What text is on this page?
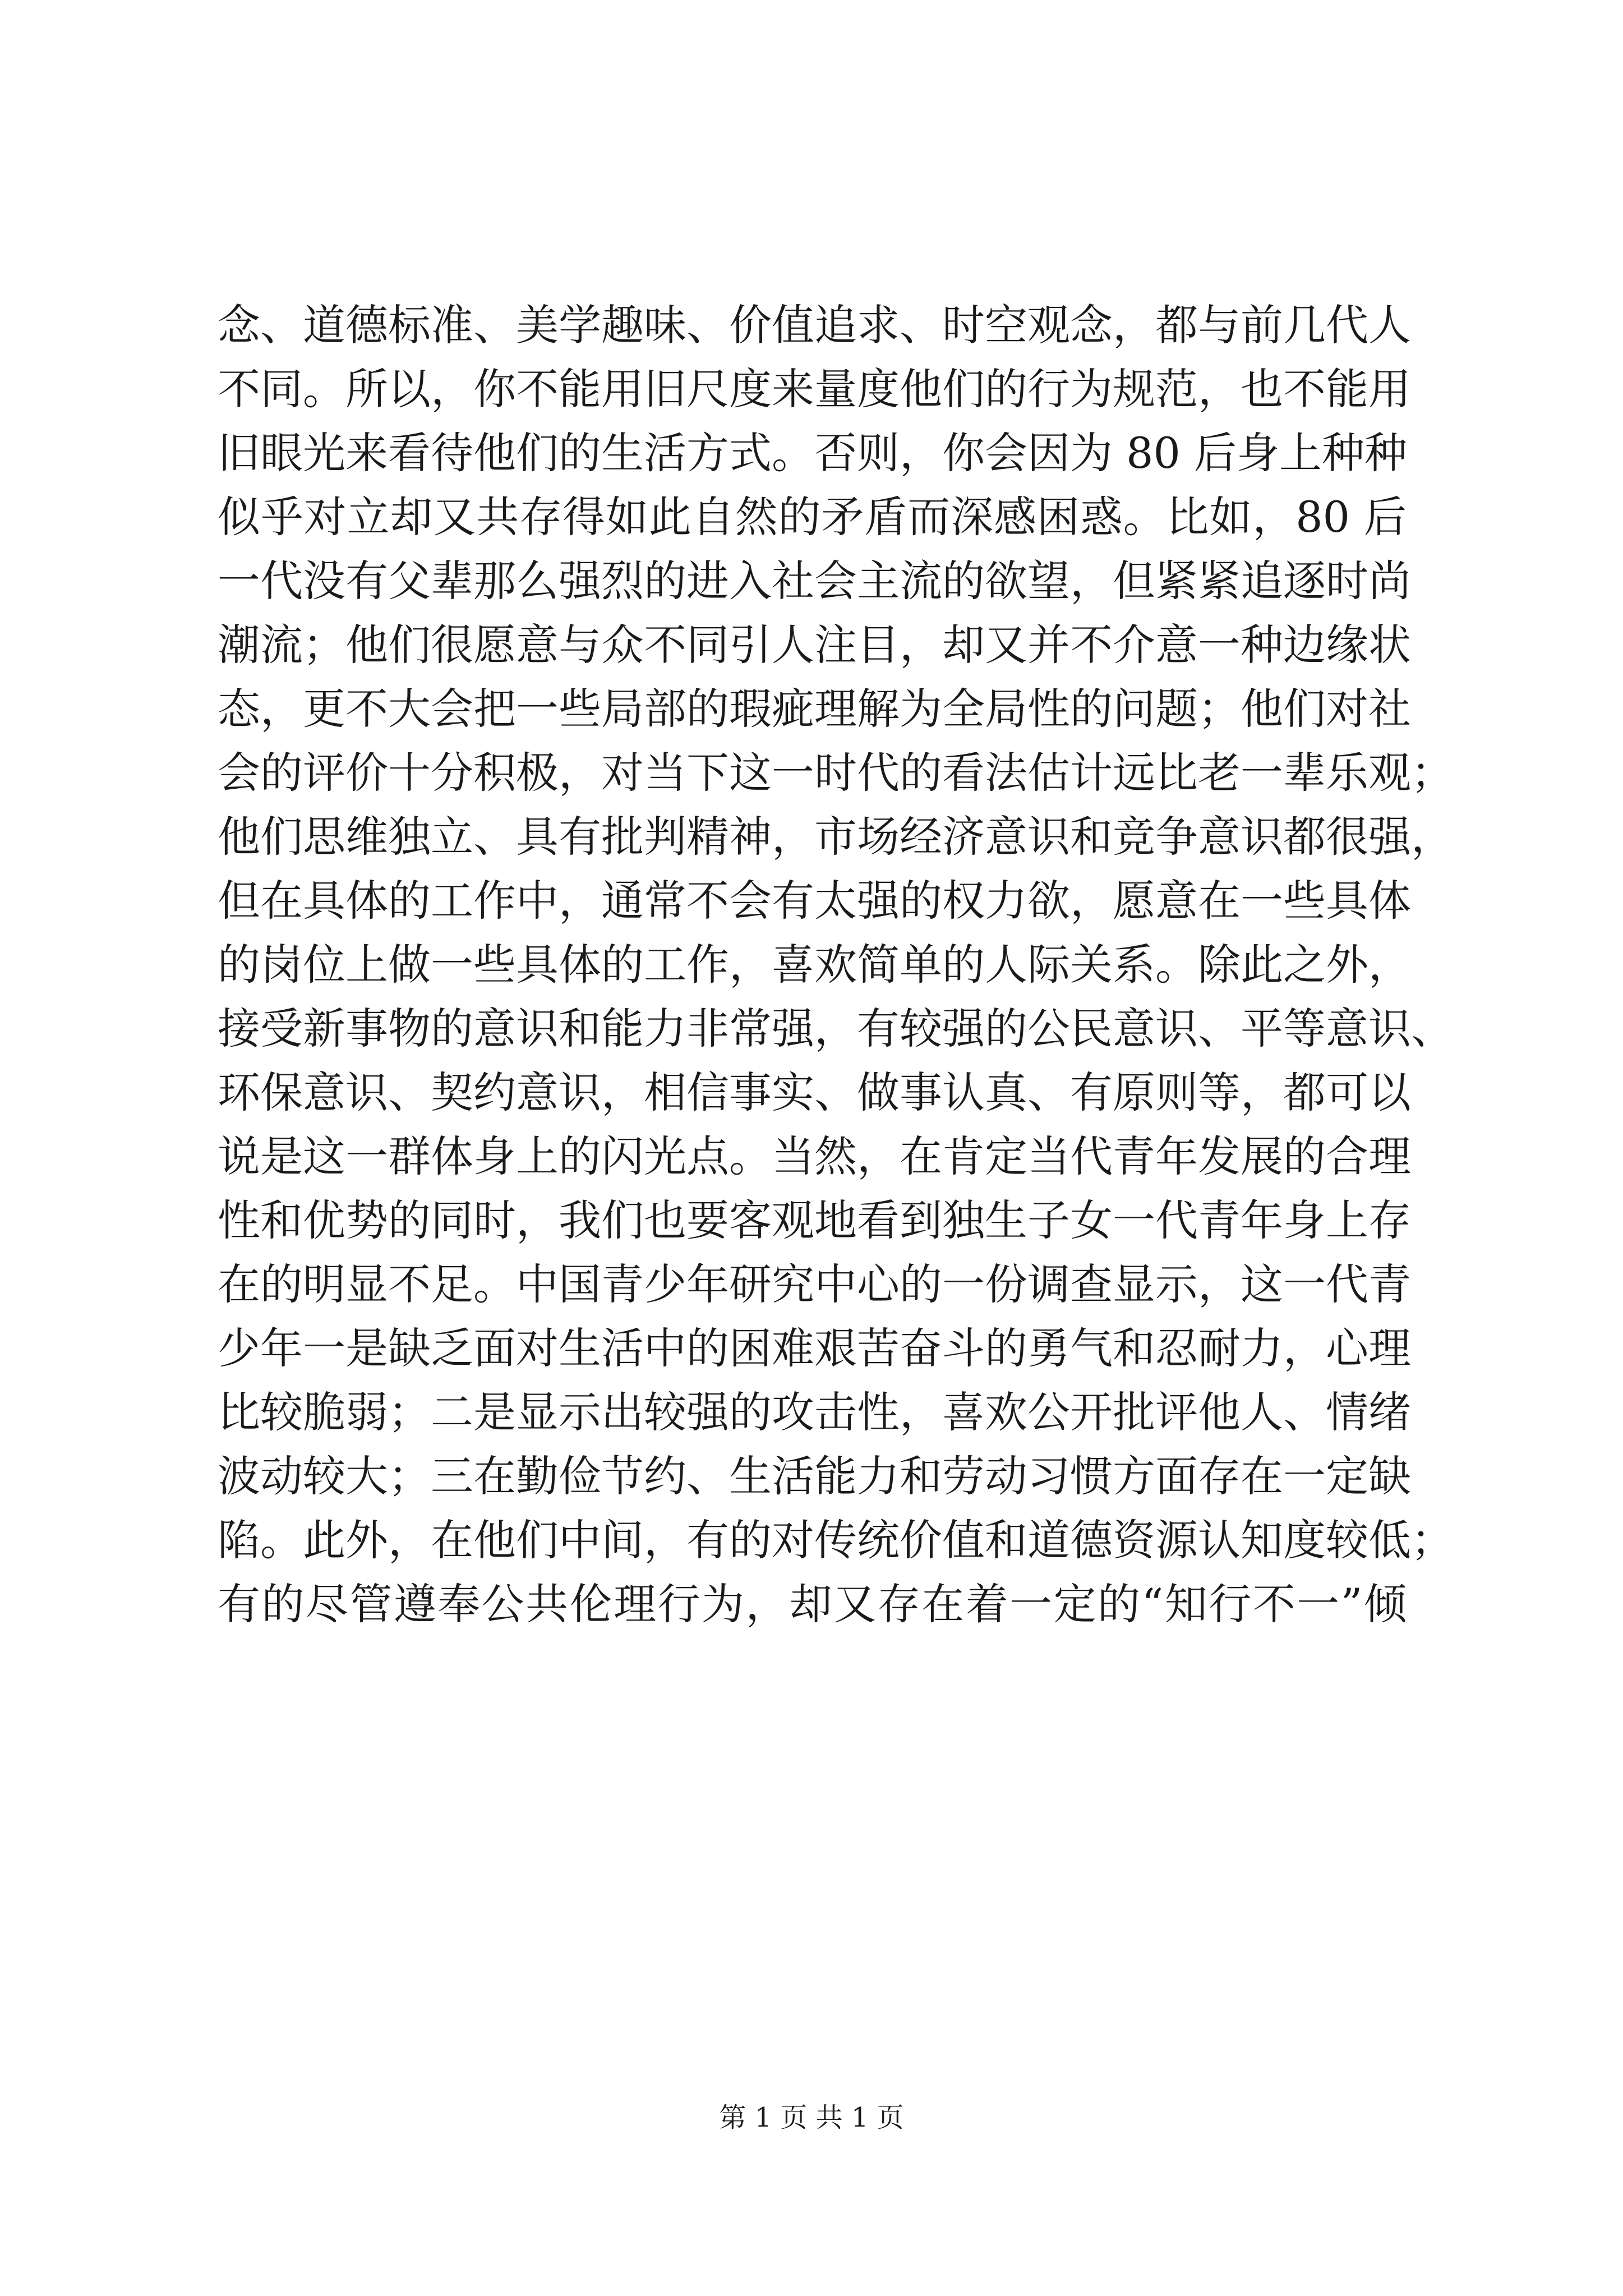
念、道德标准、美学趣味、价值追求、时空观念，都与前几代人
不同。所以，你不能用旧尺度来量度他们的行为规范，也不能用
旧眼光来看待他们的生活方式。否则，你会因为 80 后身上种种
似乎对立却又共存得如此自然的矛盾而深感困惑。比如，80 后
一代没有父辈那么强烈的进入社会主流的欲望，但紧紧追逐时尚
潮流；他们很愿意与众不同引人注目，却又并不介意一种边缘状
态，更不大会把一些局部的瑕疵理解为全局性的问题；他们对社
会的评价十分积极，对当下这一时代的看法估计远比老一辈乐观；
他们思维独立、具有批判精神，市场经济意识和竞争意识都很强，
但在具体的工作中，通常不会有太强的权力欲，愿意在一些具体
的岗位上做一些具体的工作，喜欢简单的人际关系。除此之外，
接受新事物的意识和能力非常强，有较强的公民意识、平等意识、
环保意识、契约意识，相信事实、做事认真、有原则等，都可以
说是这一群体身上的闪光点。当然，在肯定当代青年发展的合理
性和优势的同时，我们也要客观地看到独生子女一代青年身上存
在的明显不足。中国青少年研究中心的一份调查显示，这一代青
少年一是缺乏面对生活中的困难艰苦奋斗的勇气和忍耐力，心理
比较脆弱；二是显示出较强的攻击性，喜欢公开批评他人、情绪
波动较大；三在勤俭节约、生活能力和劳动习惯方面存在一定缺
陷。此外，在他们中间，有的对传统价值和道德资源认知度较低；
有的尽管遵奉公共伦理行为，却又存在着一定的“知行不一”倾
第 1 页 共 1 页
